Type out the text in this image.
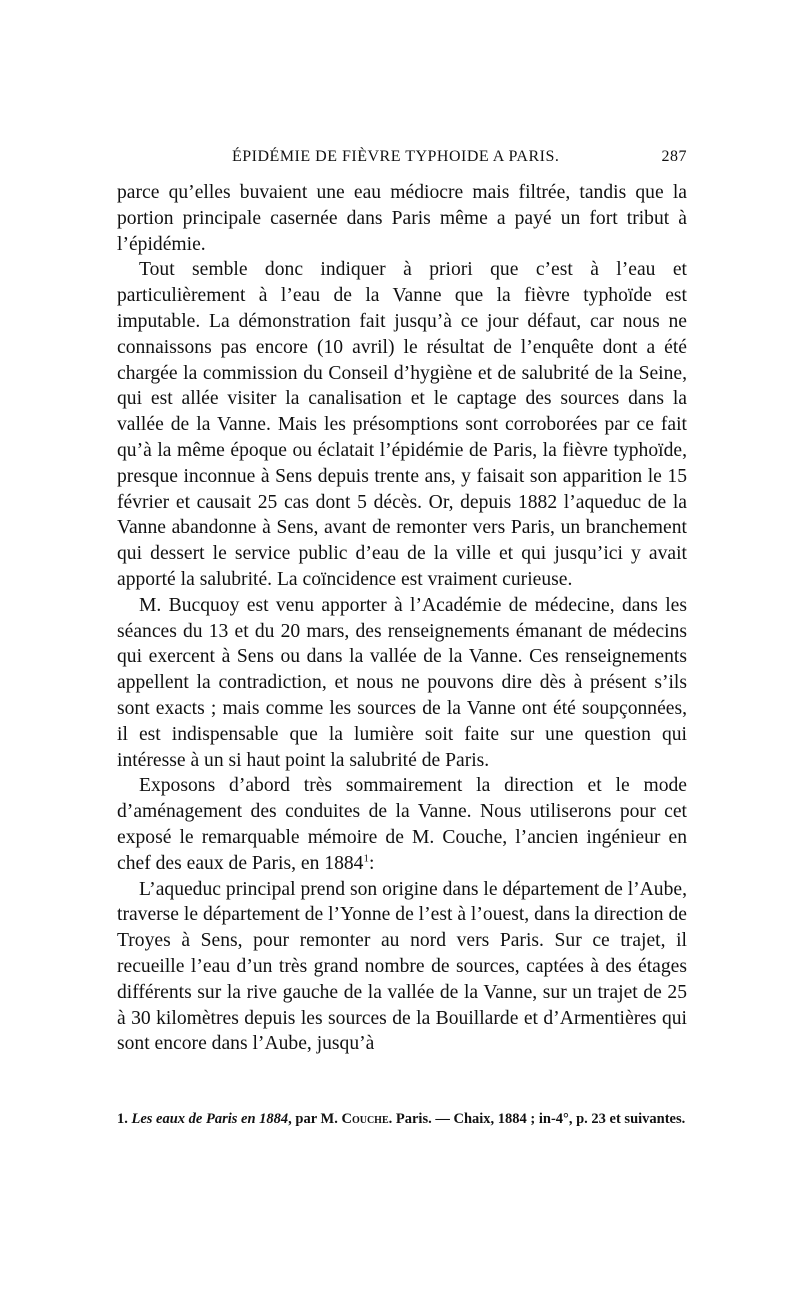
ÉPIDÉMIE DE FIÈVRE TYPHOIDE A PARIS.	287

parce qu’elles buvaient une eau médiocre mais filtrée, tandis que la portion principale casernée dans Paris même a payé un fort tribut à l’épidémie.

Tout semble donc indiquer à priori que c’est à l’eau et particulièrement à l’eau de la Vanne que la fièvre typhoïde est imputable. La démonstration fait jusqu’à ce jour défaut, car nous ne connaissons pas encore (10 avril) le résultat de l’enquête dont a été chargée la commission du Conseil d’hygiène et de salubrité de la Seine, qui est allée visiter la canalisation et le captage des sources dans la vallée de la Vanne. Mais les présomptions sont corroborées par ce fait qu’à la même époque ou éclatait l’épidémie de Paris, la fièvre typhoïde, presque inconnue à Sens depuis trente ans, y faisait son apparition le 15 février et causait 25 cas dont 5 décès. Or, depuis 1882 l’aqueduc de la Vanne abandonne à Sens, avant de remonter vers Paris, un branchement qui dessert le service public d’eau de la ville et qui jusqu’ici y avait apporté la salubrité. La coïncidence est vraiment curieuse.

M. Bucquoy est venu apporter à l’Académie de médecine, dans les séances du 13 et du 20 mars, des renseignements émanant de médecins qui exercent à Sens ou dans la vallée de la Vanne. Ces renseignements appellent la contradiction, et nous ne pouvons dire dès à présent s’ils sont exacts ; mais comme les sources de la Vanne ont été soupçonnées, il est indispensable que la lumière soit faite sur une question qui intéresse à un si haut point la salubrité de Paris.

Exposons d’abord très sommairement la direction et le mode d’aménagement des conduites de la Vanne. Nous utiliserons pour cet exposé le remarquable mémoire de M. Couche, l’ancien ingénieur en chef des eaux de Paris, en 1884$^1$:

L’aqueduc principal prend son origine dans le département de l’Aube, traverse le département de l’Yonne de l’est à l’ouest, dans la direction de Troyes à Sens, pour remonter au nord vers Paris. Sur ce trajet, il recueille l’eau d’un très grand nombre de sources, captées à des étages différents sur la rive gauche de la vallée de la Vanne, sur un trajet de 25 à 30 kilomètres depuis les sources de la Bouillarde et d’Armentières qui sont encore dans l’Aube, jusqu’à

1. Les eaux de Paris en 1884, par M. Couche. Paris. — Chaix, 1884 ; in-4°, p. 23 et suivantes.
